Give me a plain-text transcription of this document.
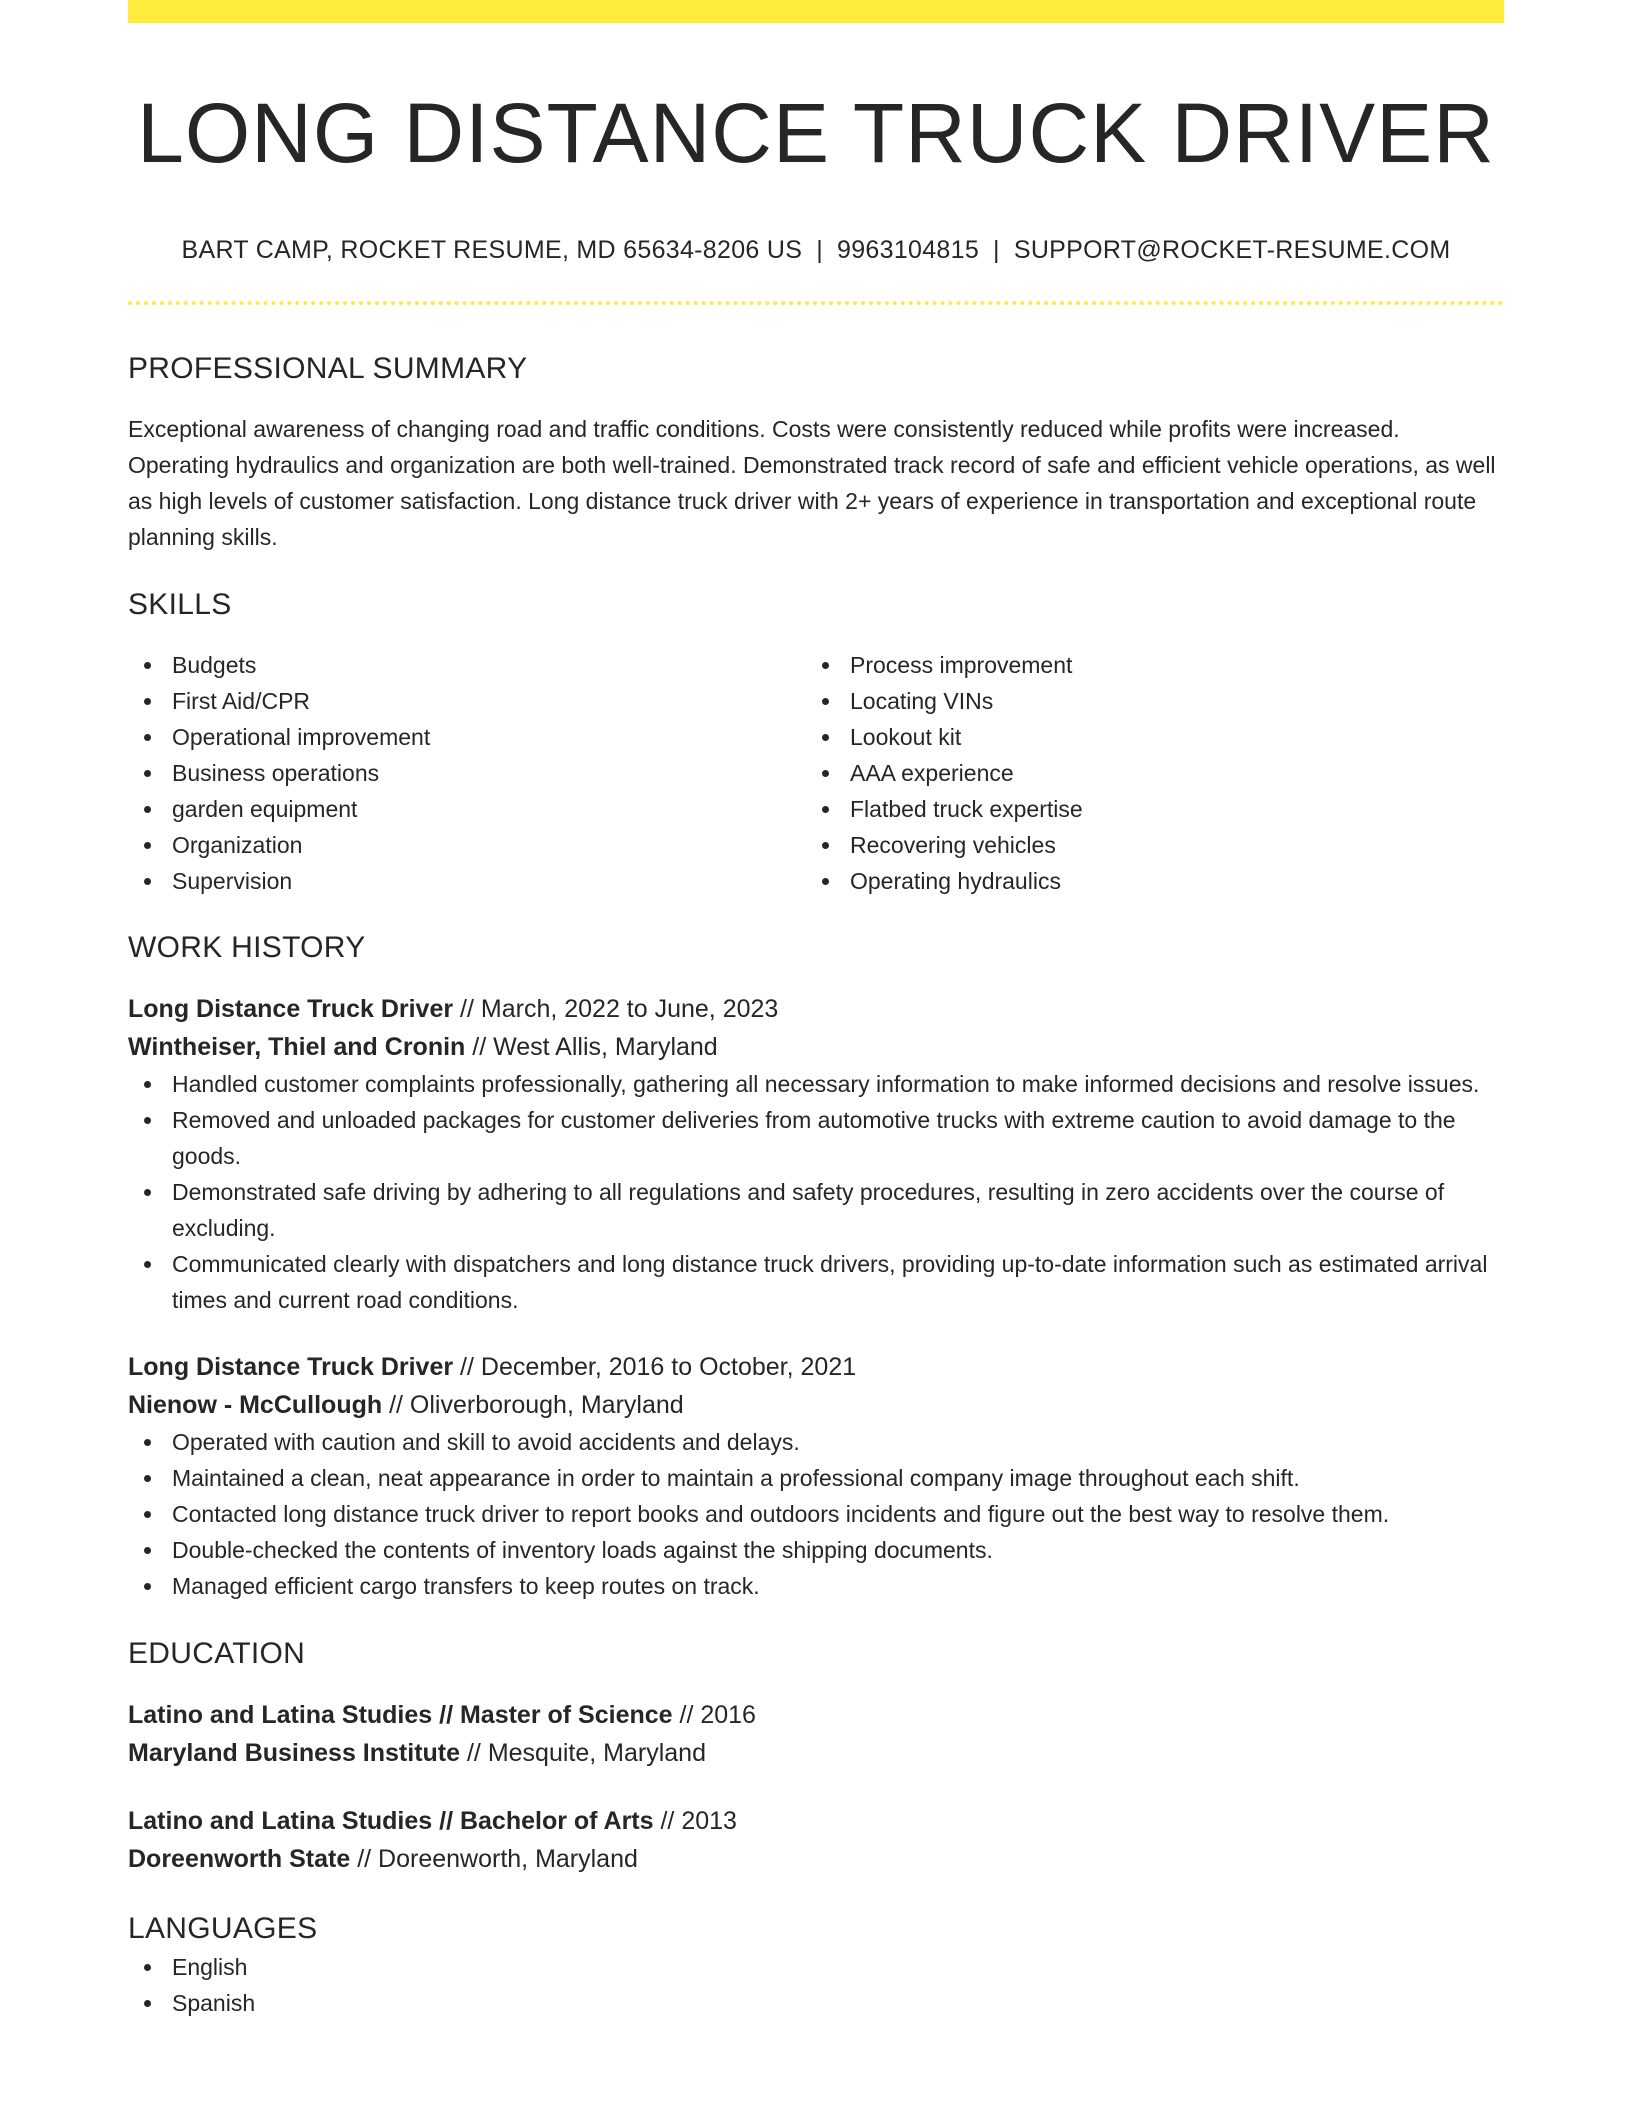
LONG DISTANCE TRUCK DRIVER
BART CAMP, ROCKET RESUME, MD 65634-8206 US | 9963104815 | SUPPORT@ROCKET-RESUME.COM
PROFESSIONAL SUMMARY

Exceptional awareness of changing road and traffic conditions. Costs were consistently reduced while profits were increased. Operating hydraulics and organization are both well-trained. Demonstrated track record of safe and efficient vehicle operations, as well as high levels of customer satisfaction. Long distance truck driver with 2+ years of experience in transportation and exceptional route planning skills.

SKILLS
Budgets
First Aid/CPR
Operational improvement
Business operations
garden equipment
Organization
Supervision
Process improvement
Locating VINs
Lookout kit
AAA experience
Flatbed truck expertise
Recovering vehicles
Operating hydraulics
WORK HISTORY
Long Distance Truck Driver // March, 2022 to June, 2023
Wintheiser, Thiel and Cronin // West Allis, Maryland
Handled customer complaints professionally, gathering all necessary information to make informed decisions and resolve issues.
Removed and unloaded packages for customer deliveries from automotive trucks with extreme caution to avoid damage to the goods.
Demonstrated safe driving by adhering to all regulations and safety procedures, resulting in zero accidents over the course of excluding.
Communicated clearly with dispatchers and long distance truck drivers, providing up-to-date information such as estimated arrival times and current road conditions.
Long Distance Truck Driver // December, 2016 to October, 2021
Nienow - McCullough // Oliverborough, Maryland
Operated with caution and skill to avoid accidents and delays.
Maintained a clean, neat appearance in order to maintain a professional company image throughout each shift.
Contacted long distance truck driver to report books and outdoors incidents and figure out the best way to resolve them.
Double-checked the contents of inventory loads against the shipping documents.
Managed efficient cargo transfers to keep routes on track.
EDUCATION
Latino and Latina Studies // Master of Science // 2016
Maryland Business Institute // Mesquite, Maryland
Latino and Latina Studies // Bachelor of Arts // 2013
Doreenworth State // Doreenworth, Maryland
LANGUAGES
English
Spanish
